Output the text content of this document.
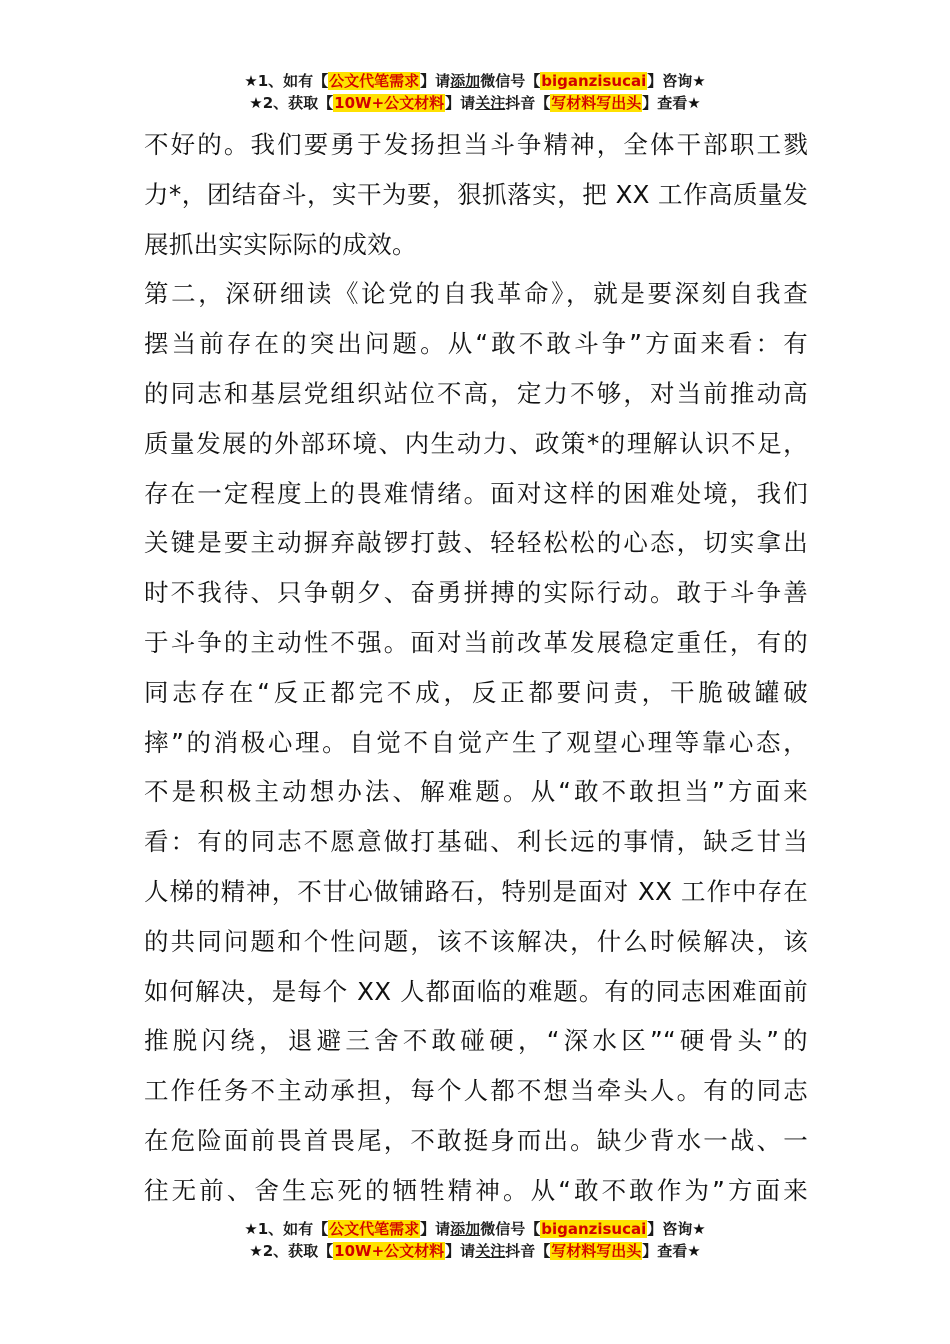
★1、如有【公文代笔需求】请添加微信号【biganzisucai】咨询★
★2、获取【10W+公文材料】请关注抖音【写材料写出头】查看★

不好的。我们要勇于发扬担当斗争精神，全体干部职工戮

力*，团结奋斗，实干为要，狠抓落实，把 XX 工作高质量发

展抓出实实际际的成效。

第二，深研细读《论党的自我革命》，就是要深刻自我查

摆当前存在的突出问题。从“敢不敢斗争”方面来看：有

的同志和基层党组织站位不高，定力不够，对当前推动高

质量发展的外部环境、内生动力、政策*的理解认识不足，

存在一定程度上的畏难情绪。面对这样的困难处境，我们

关键是要主动摒弃敲锣打鼓、轻轻松松的心态，切实拿出

时不我待、只争朝夕、奋勇拼搏的实际行动。敢于斗争善

于斗争的主动性不强。面对当前改革发展稳定重任，有的

同志存在“反正都完不成，反正都要问责，干脆破罐破

摔”的消极心理。自觉不自觉产生了观望心理等靠心态，

不是积极主动想办法、解难题。从“敢不敢担当”方面来

看：有的同志不愿意做打基础、利长远的事情，缺乏甘当

人梯的精神，不甘心做铺路石，特别是面对 XX 工作中存在

的共同问题和个性问题，该不该解决，什么时候解决，该

如何解决，是每个 XX 人都面临的难题。有的同志困难面前

推脱闪绕，退避三舍不敢碰硬，“深水区”“硬骨头”的

工作任务不主动承担，每个人都不想当牵头人。有的同志

在危险面前畏首畏尾，不敢挺身而出。缺少背水一战、一

往无前、舍生忘死的牺牲精神。从“敢不敢作为”方面来

★1、如有【公文代笔需求】请添加微信号【biganzisucai】咨询★
★2、获取【10W+公文材料】请关注抖音【写材料写出头】查看★
